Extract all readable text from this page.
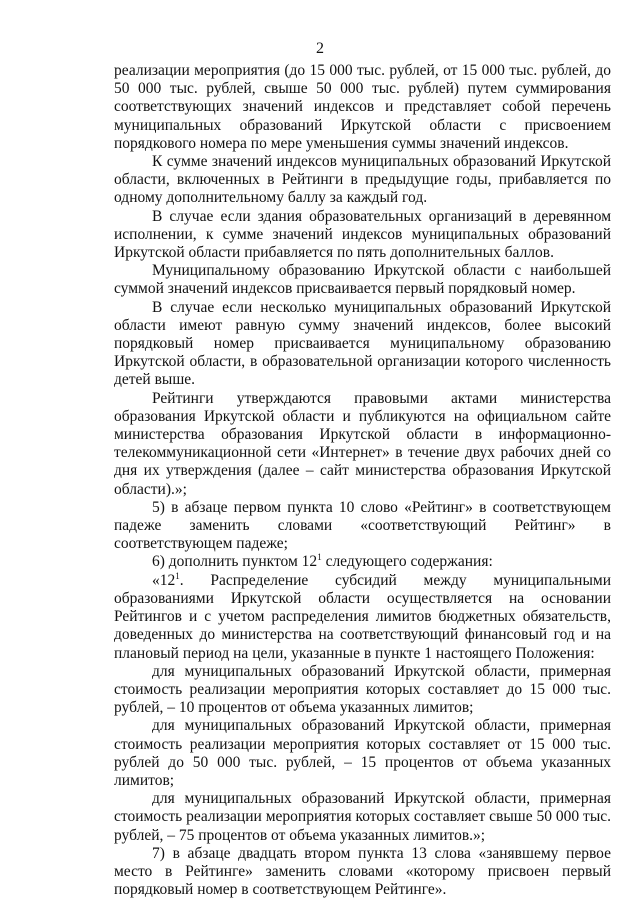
2

реализации мероприятия (до 15 000 тыс. рублей, от 15 000 тыс. рублей, до 50 000 тыс. рублей, свыше 50 000 тыс. рублей) путем суммирования соответствующих значений индексов и представляет собой перечень муниципальных образований Иркутской области с присвоением порядкового номера по мере уменьшения суммы значений индексов.

К сумме значений индексов муниципальных образований Иркутской области, включенных в Рейтинги в предыдущие годы, прибавляется по одному дополнительному баллу за каждый год.

В случае если здания образовательных организаций в деревянном исполнении, к сумме значений индексов муниципальных образований Иркутской области прибавляется по пять дополнительных баллов.

Муниципальному образованию Иркутской области с наибольшей суммой значений индексов присваивается первый порядковый номер.

В случае если несколько муниципальных образований Иркутской области имеют равную сумму значений индексов, более высокий порядковый номер присваивается муниципальному образованию Иркутской области, в образовательной организации которого численность детей выше.

Рейтинги утверждаются правовыми актами министерства образования Иркутской области и публикуются на официальном сайте министерства образования Иркутской области в информационно-телекоммуникационной сети «Интернет» в течение двух рабочих дней со дня их утверждения (далее – сайт министерства образования Иркутской области).»;

5) в абзаце первом пункта 10 слово «Рейтинг» в соответствующем падеже заменить словами «соответствующий Рейтинг» в соответствующем падеже;

6) дополнить пунктом $12^1$ следующего содержания:

«$12^1$. Распределение субсидий между муниципальными образованиями Иркутской области осуществляется на основании Рейтингов и с учетом распределения лимитов бюджетных обязательств, доведенных до министерства на соответствующий финансовый год и на плановый период на цели, указанные в пункте 1 настоящего Положения:

для муниципальных образований Иркутской области, примерная стоимость реализации мероприятия которых составляет до 15 000 тыс. рублей, – 10 процентов от объема указанных лимитов;

для муниципальных образований Иркутской области, примерная стоимость реализации мероприятия которых составляет от 15 000 тыс. рублей до 50 000 тыс. рублей, – 15 процентов от объема указанных лимитов;

для муниципальных образований Иркутской области, примерная стоимость реализации мероприятия которых составляет свыше 50 000 тыс. рублей, – 75 процентов от объема указанных лимитов.»;

7) в абзаце двадцать втором пункта 13 слова «занявшему первое место в Рейтинге» заменить словами «которому присвоен первый порядковый номер в соответствующем Рейтинге».
